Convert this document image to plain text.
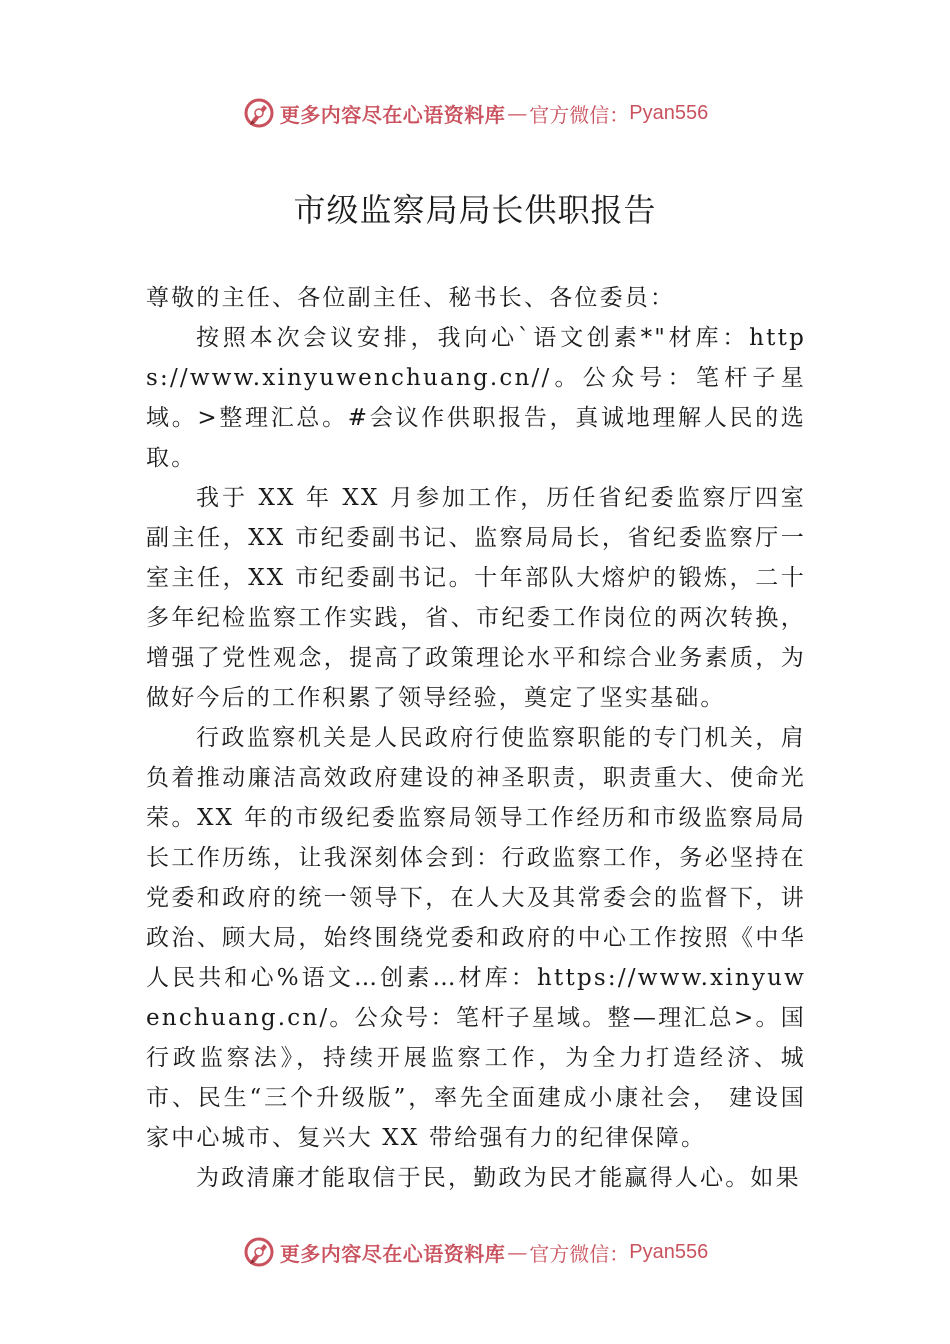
更多内容尽在心语资料库 — 官方微信： Pyan556
市级监察局局长供职报告

尊敬的主任、各位副主任、秘书长、各位委员：

按照本次会议安排，我向心`语文创素*"材库：https://www.xinyuwenchuang.cn//。公众号：笔杆子星域。>整理汇总。#会议作供职报告，真诚地理解人民的选取。

我于 XX 年 XX 月参加工作，历任省纪委监察厅四室副主任，XX 市纪委副书记、监察局局长，省纪委监察厅一室主任，XX 市纪委副书记。十年部队大熔炉的锻炼，二十多年纪检监察工作实践，省、市纪委工作岗位的两次转换，增强了党性观念，提高了政策理论水平和综合业务素质，为做好今后的工作积累了领导经验，奠定了坚实基础。

行政监察机关是人民政府行使监察职能的专门机关，肩负着推动廉洁高效政府建设的神圣职责，职责重大、使命光荣。XX 年的市级纪委监察局领导工作经历和市级监察局局长工作历练，让我深刻体会到：行政监察工作，务必坚持在党委和政府的统一领导下，在人大及其常委会的监督下，讲政治、顾大局，始终围绕党委和政府的中心工作按照《中华人民共和心%语文…创素…材库：https://www.xinyuwenchuang.cn/。公众号：笔杆子星域。整—理汇总>。国行政监察法》，持续开展监察工作，为全力打造经济、城市、民生“三个升级版”，率先全面建成小康社会， 建设国家中心城市、复兴大 XX 带给强有力的纪律保障。

为政清廉才能取信于民，勤政为民才能赢得人心。如果

更多内容尽在心语资料库 — 官方微信： Pyan556
